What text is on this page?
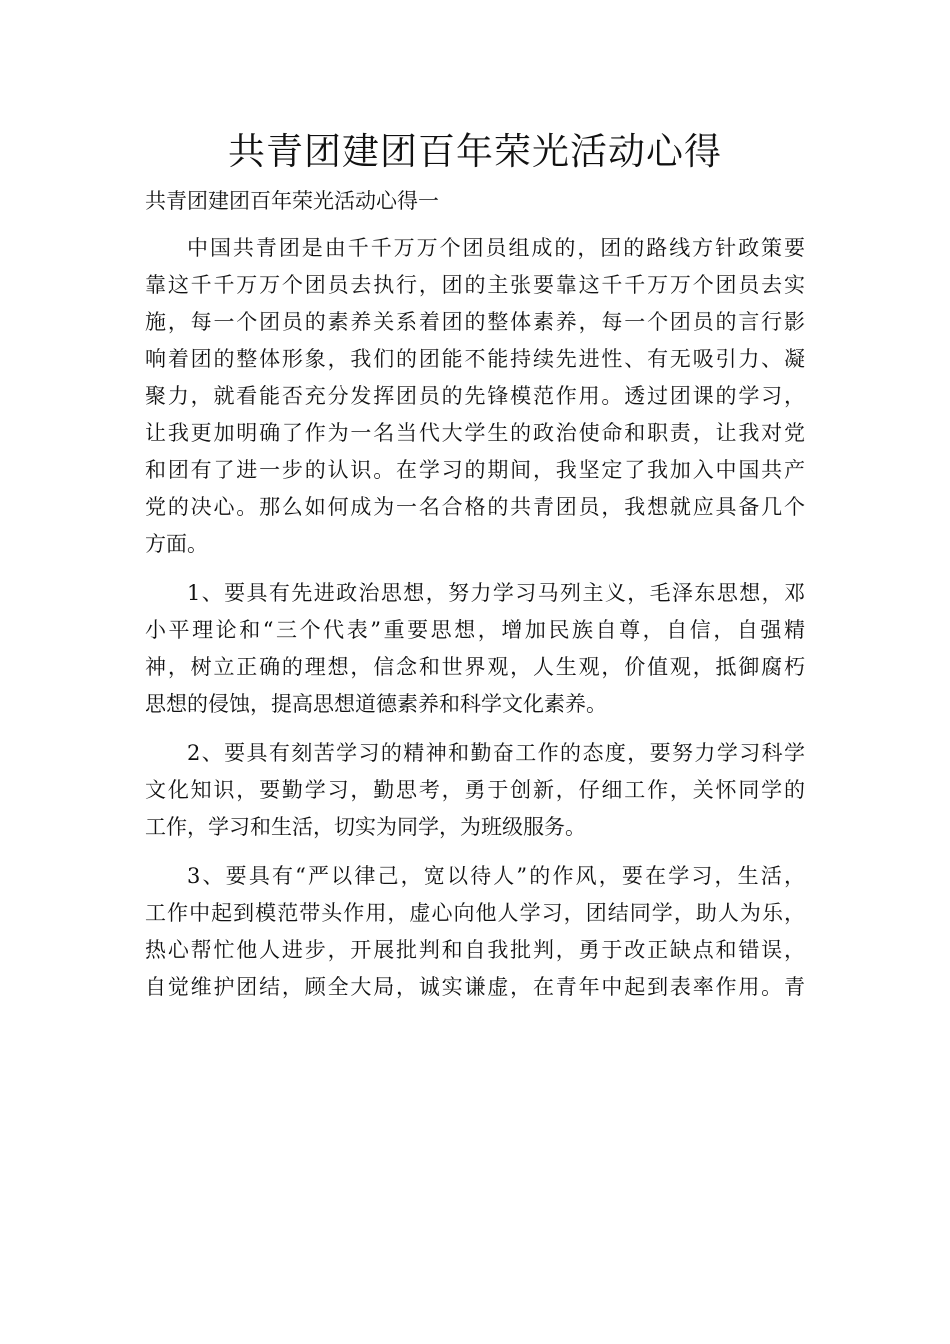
共青团建团百年荣光活动心得
共青团建团百年荣光活动心得一
中国共青团是由千千万万个团员组成的，团的路线方针政策要
靠这千千万万个团员去执行，团的主张要靠这千千万万个团员去实
施，每一个团员的素养关系着团的整体素养，每一个团员的言行影
响着团的整体形象，我们的团能不能持续先进性、有无吸引力、凝
聚力，就看能否充分发挥团员的先锋模范作用。透过团课的学习，
让我更加明确了作为一名当代大学生的政治使命和职责，让我对党
和团有了进一步的认识。在学习的期间，我坚定了我加入中国共产
党的决心。那么如何成为一名合格的共青团员，我想就应具备几个
方面。
1、要具有先进政治思想，努力学习马列主义，毛泽东思想，邓
小平理论和“三个代表”重要思想，增加民族自尊，自信，自强精
神，树立正确的理想，信念和世界观，人生观，价值观，抵御腐朽
思想的侵蚀，提高思想道德素养和科学文化素养。
2、要具有刻苦学习的精神和勤奋工作的态度，要努力学习科学
文化知识，要勤学习，勤思考，勇于创新，仔细工作，关怀同学的
工作，学习和生活，切实为同学，为班级服务。
3、要具有“严以律己，宽以待人”的作风，要在学习，生活，
工作中起到模范带头作用，虚心向他人学习，团结同学，助人为乐，
热心帮忙他人进步，开展批判和自我批判，勇于改正缺点和错误，
自觉维护团结，顾全大局，诚实谦虚，在青年中起到表率作用。青
